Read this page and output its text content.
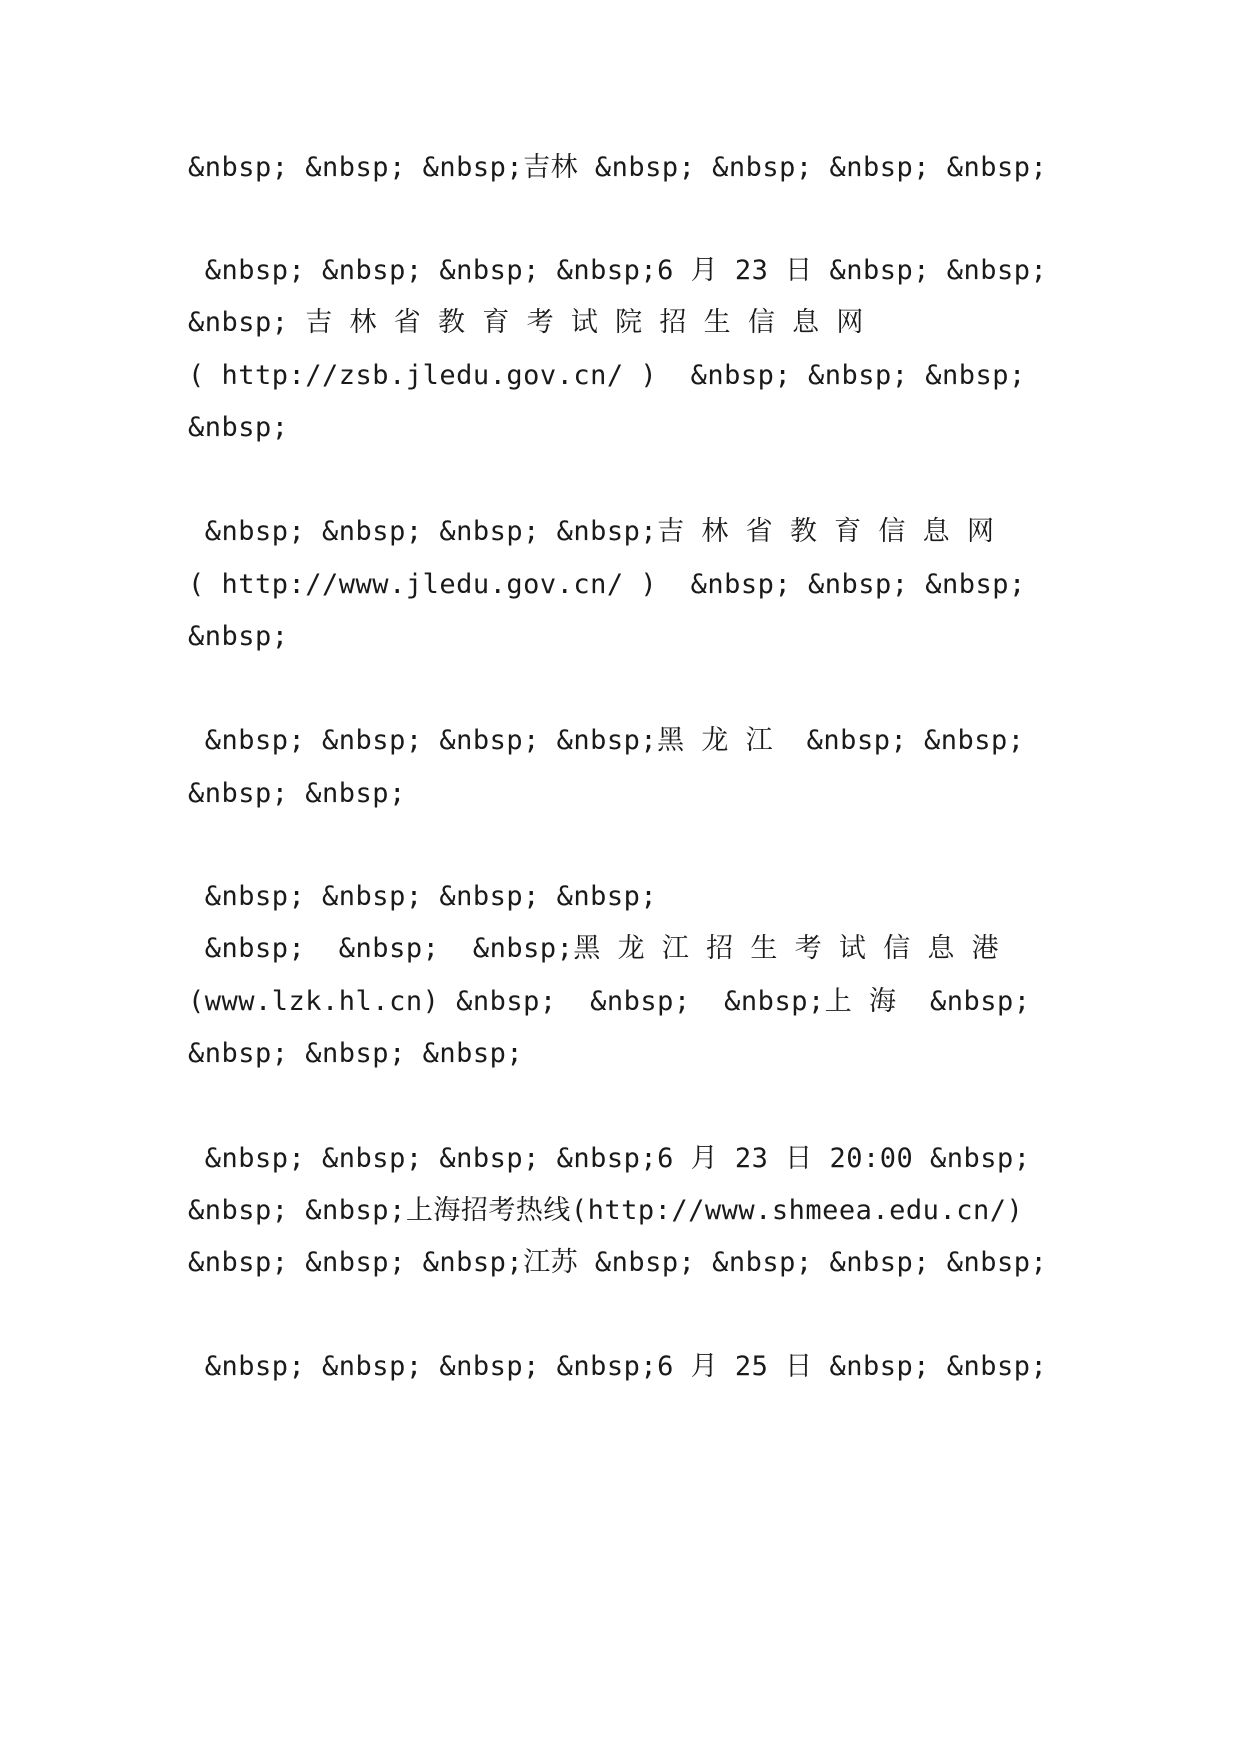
&nbsp; &nbsp; &nbsp;吉林 &nbsp; &nbsp; &nbsp; &nbsp;
&nbsp; &nbsp; &nbsp; &nbsp;6 月 23 日 &nbsp; &nbsp;
&nbsp; 吉 林 省 教 育 考 试 院 招 生 信 息 网
( http://zsb.jledu.gov.cn/ )  &nbsp; &nbsp; &nbsp;
&nbsp;
&nbsp; &nbsp; &nbsp; &nbsp;吉 林 省 教 育 信 息 网
( http://www.jledu.gov.cn/ )  &nbsp; &nbsp; &nbsp;
&nbsp;
&nbsp; &nbsp; &nbsp; &nbsp;黑 龙 江  &nbsp; &nbsp;
&nbsp; &nbsp;
&nbsp; &nbsp; &nbsp; &nbsp;
&nbsp;  &nbsp;  &nbsp;黑 龙 江 招 生 考 试 信 息 港
(www.lzk.hl.cn) &nbsp;  &nbsp;  &nbsp;上 海  &nbsp;
&nbsp; &nbsp; &nbsp;
&nbsp; &nbsp; &nbsp; &nbsp;6 月 23 日 20:00 &nbsp;
&nbsp; &nbsp;上海招考热线(http://www.shmeea.edu.cn/)
&nbsp; &nbsp; &nbsp;江苏 &nbsp; &nbsp; &nbsp; &nbsp;
&nbsp; &nbsp; &nbsp; &nbsp;6 月 25 日 &nbsp; &nbsp;
